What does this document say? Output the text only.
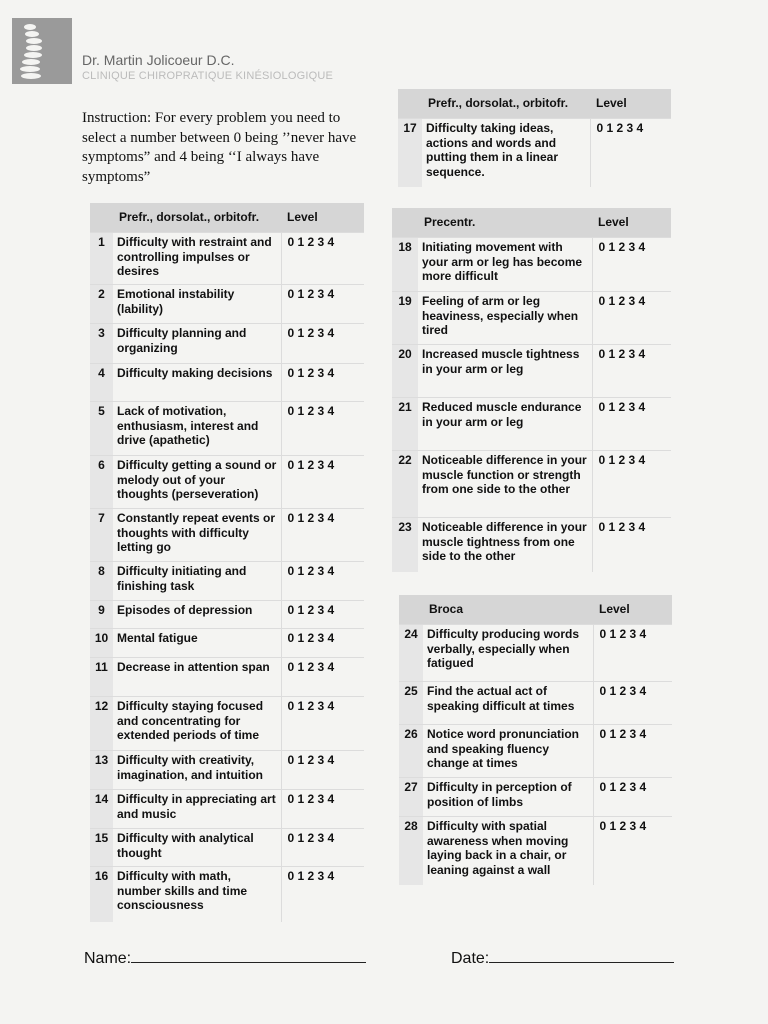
Dr. Martin Jolicoeur D.C.
CLINIQUE CHIROPRATIQUE KINÉSIOLOGIQUE
Instruction: For every problem you need to select a number between 0 being ’’never have symptoms” and 4 being ‘‘I always have symptoms”
	Prefr., dorsolat., orbitofr.	Level
1	Difficulty with restraint and controlling impulses or desires	0 1 2 3 4
2	Emotional instability (lability)	0 1 2 3 4
3	Difficulty planning and organizing	0 1 2 3 4
4	Difficulty making decisions	0 1 2 3 4
5	Lack of motivation, enthusiasm, interest and drive (apathetic)	0 1 2 3 4
6	Difficulty getting a sound or melody out of your thoughts (perseveration)	0 1 2 3 4
7	Constantly repeat events or thoughts with difficulty letting go	0 1 2 3 4
8	Difficulty initiating and finishing task	0 1 2 3 4
9	Episodes of depression	0 1 2 3 4
10	Mental fatigue	0 1 2 3 4
11	Decrease in attention span	0 1 2 3 4
12	Difficulty staying focused and concentrating for extended periods of time	0 1 2 3 4
13	Difficulty with creativity, imagination, and intuition	0 1 2 3 4
14	Difficulty in appreciating art and music	0 1 2 3 4
15	Difficulty with analytical thought	0 1 2 3 4
16	Difficulty with math, number skills and time consciousness	0 1 2 3 4
	Prefr., dorsolat., orbitofr.	Level
17	Difficulty taking ideas, actions and words and putting them in a linear sequence.	0 1 2 3 4
	Precentr.	Level
18	Initiating movement with your arm or leg has become more difficult	0 1 2 3 4
19	Feeling of arm or leg heaviness, especially when tired	0 1 2 3 4
20	Increased muscle tightness in your arm or leg	0 1 2 3 4
21	Reduced muscle endurance in your arm or leg	0 1 2 3 4
22	Noticeable difference in your muscle function or strength from one side to the other	0 1 2 3 4
23	Noticeable difference in your muscle tightness from one side to the other	0 1 2 3 4
	Broca	Level
24	Difficulty producing words verbally, especially when fatigued	0 1 2 3 4
25	Find the actual act of speaking difficult at times	0 1 2 3 4
26	Notice word pronunciation and speaking fluency change at times	0 1 2 3 4
27	Difficulty in perception of position of limbs	0 1 2 3 4
28	Difficulty with spatial awareness when moving laying back in a chair, or leaning against a wall	0 1 2 3 4
Name:	Date:
